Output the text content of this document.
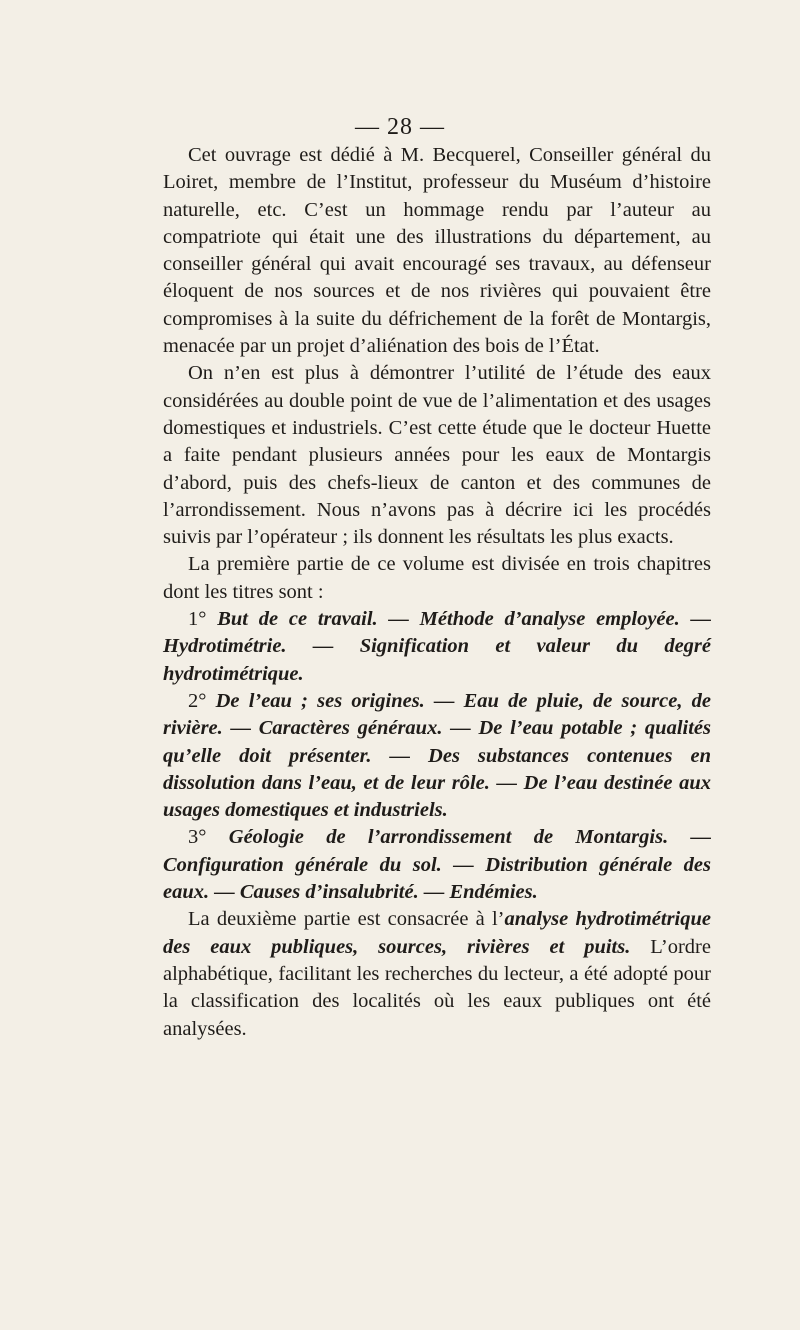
— 28 —

Cet ouvrage est dédié à M. Becquerel, Conseiller général du Loiret, membre de l’Institut, professeur du Muséum d’histoire naturelle, etc. C’est un hommage rendu par l’auteur au compatriote qui était une des illustrations du département, au conseiller général qui avait encouragé ses travaux, au défenseur éloquent de nos sources et de nos rivières qui pouvaient être compromises à la suite du défrichement de la forêt de Montargis, menacée par un projet d’aliénation des bois de l’État.

On n’en est plus à démontrer l’utilité de l’étude des eaux considérées au double point de vue de l’alimentation et des usages domestiques et industriels. C’est cette étude que le docteur Huette a faite pendant plusieurs années pour les eaux de Montargis d’abord, puis des chefs-lieux de canton et des communes de l’arrondissement. Nous n’avons pas à décrire ici les procédés suivis par l’opérateur ; ils donnent les résultats les plus exacts.

La première partie de ce volume est divisée en trois chapitres dont les titres sont :

1° But de ce travail. — Méthode d’analyse employée. — Hydrotimétrie. — Signification et valeur du degré hydrotimétrique.

2° De l’eau ; ses origines. — Eau de pluie, de source, de rivière. — Caractères généraux. — De l’eau potable ; qualités qu’elle doit présenter. — Des substances contenues en dissolution dans l’eau, et de leur rôle. — De l’eau destinée aux usages domestiques et industriels.

3° Géologie de l’arrondissement de Montargis. — Configuration générale du sol. — Distribution générale des eaux. — Causes d’insalubrité. — Endémies.

La deuxième partie est consacrée à l’analyse hydrotimétrique des eaux publiques, sources, rivières et puits. L’ordre alphabétique, facilitant les recherches du lecteur, a été adopté pour la classification des localités où les eaux publiques ont été analysées.
